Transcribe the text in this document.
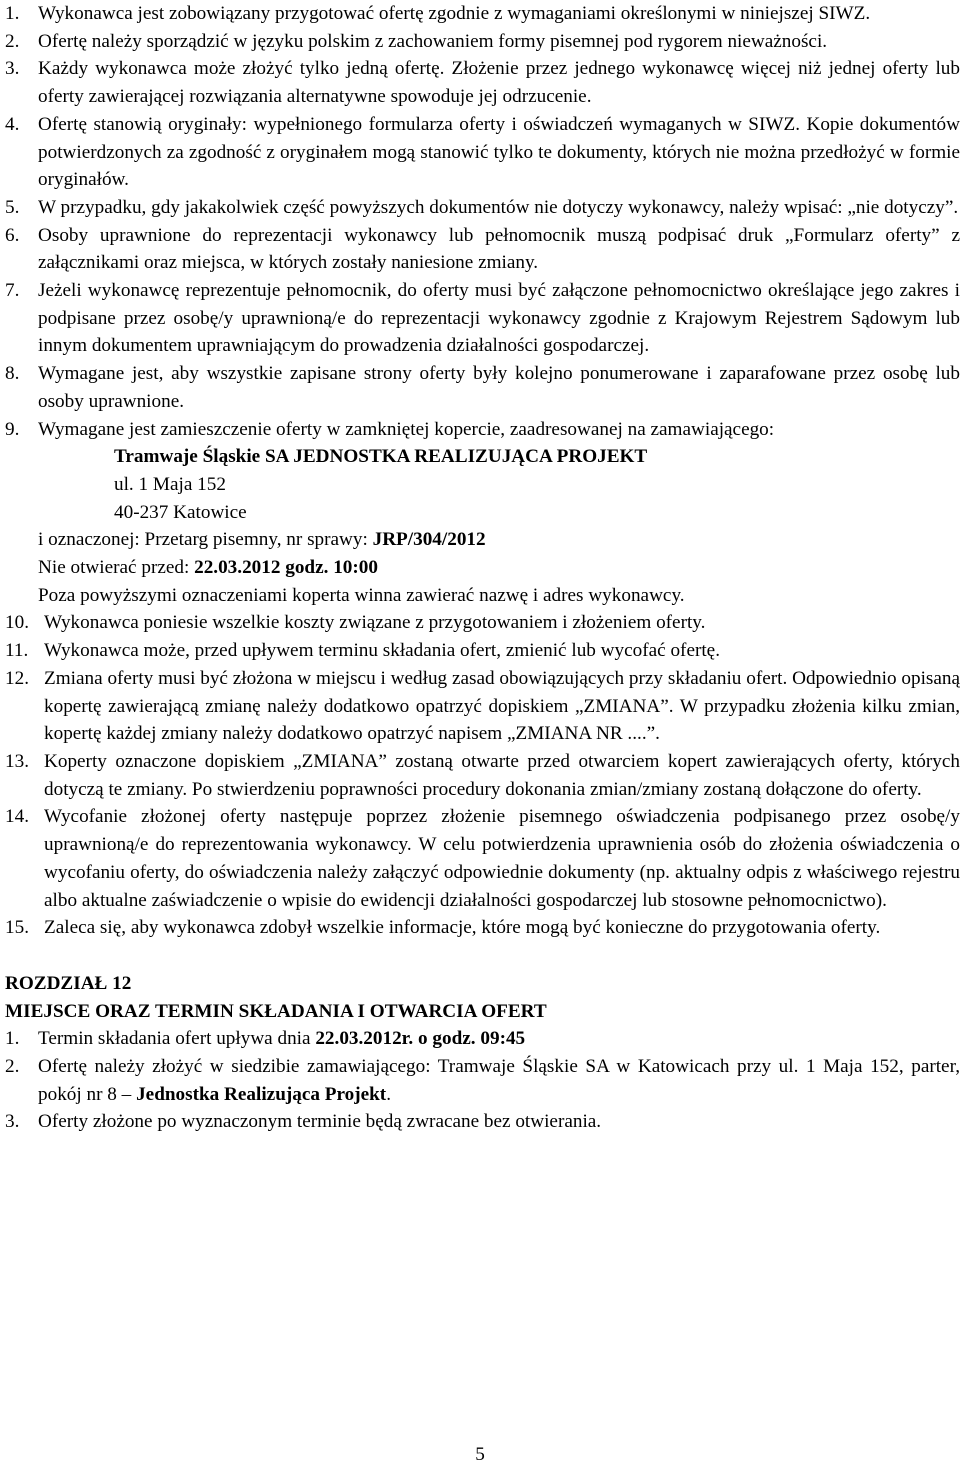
1. Wykonawca jest zobowiązany przygotować ofertę zgodnie z wymaganiami określonymi w niniejszej SIWZ.
2. Ofertę należy sporządzić w języku polskim z zachowaniem formy pisemnej pod rygorem nieważności.
3. Każdy wykonawca może złożyć tylko jedną ofertę. Złożenie przez jednego wykonawcę więcej niż jednej oferty lub oferty zawierającej rozwiązania alternatywne spowoduje jej odrzucenie.
4. Ofertę stanowią oryginały: wypełnionego formularza oferty i oświadczeń wymaganych w SIWZ. Kopie dokumentów potwierdzonych za zgodność z oryginałem mogą stanowić tylko te dokumenty, których nie można przedłożyć w formie oryginałów.
5. W przypadku, gdy jakakolwiek część powyższych dokumentów nie dotyczy wykonawcy, należy wpisać: „nie dotyczy”.
6. Osoby uprawnione do reprezentacji wykonawcy lub pełnomocnik muszą podpisać druk „Formularz oferty” z załącznikami oraz miejsca, w których zostały naniesione zmiany.
7. Jeżeli wykonawcę reprezentuje pełnomocnik, do oferty musi być załączone pełnomocnictwo określające jego zakres i podpisane przez osobę/y uprawnioną/e do reprezentacji wykonawcy zgodnie z Krajowym Rejestrem Sądowym lub innym dokumentem uprawniającym do prowadzenia działalności gospodarczej.
8. Wymagane jest, aby wszystkie zapisane strony oferty były kolejno ponumerowane i zaparafowane przez osobę lub osoby uprawnione.
9. Wymagane jest zamieszczenie oferty w zamkniętej kopercie, zaadresowanej na zamawiającego:
Tramwaje Śląskie SA JEDNOSTKA REALIZUJĄCA PROJEKT
ul. 1 Maja 152
40-237 Katowice
i oznaczonej: Przetarg pisemny, nr sprawy: JRP/304/2012
Nie otwierać przed: 22.03.2012 godz. 10:00
Poza powyższymi oznaczeniami koperta winna zawierać nazwę i adres wykonawcy.
10. Wykonawca poniesie wszelkie koszty związane z przygotowaniem i złożeniem oferty.
11. Wykonawca może, przed upływem terminu składania ofert, zmienić lub wycofać ofertę.
12. Zmiana oferty musi być złożona w miejscu i według zasad obowiązujących przy składaniu ofert. Odpowiednio opisaną kopertę zawierającą zmianę należy dodatkowo opatrzyć dopiskiem „ZMIANA”. W przypadku złożenia kilku zmian, kopertę każdej zmiany należy dodatkowo opatrzyć napisem „ZMIANA NR ....”.
13. Koperty oznaczone dopiskiem „ZMIANA” zostaną otwarte przed otwarciem kopert zawierających oferty, których dotyczą te zmiany. Po stwierdzeniu poprawności procedury dokonania zmian/zmiany zostaną dołączone do oferty.
14. Wycofanie złożonej oferty następuje poprzez złożenie pisemnego oświadczenia podpisanego przez osobę/y uprawnioną/e do reprezentowania wykonawcy. W celu potwierdzenia uprawnienia osób do złożenia oświadczenia o wycofaniu oferty, do oświadczenia należy załączyć odpowiednie dokumenty (np. aktualny odpis z właściwego rejestru albo aktualne zaświadczenie o wpisie do ewidencji działalności gospodarczej lub stosowne pełnomocnictwo).
15. Zaleca się, aby wykonawca zdobył wszelkie informacje, które mogą być konieczne do przygotowania oferty.
ROZDZIAŁ 12
MIEJSCE ORAZ TERMIN SKŁADANIA I OTWARCIA OFERT
1. Termin składania ofert upływa dnia 22.03.2012r. o godz. 09:45
2. Ofertę należy złożyć w siedzibie zamawiającego: Tramwaje Śląskie SA w Katowicach przy ul. 1 Maja 152, parter, pokój nr 8 – Jednostka Realizująca Projekt.
3. Oferty złożone po wyznaczonym terminie będą zwracane bez otwierania.
5
